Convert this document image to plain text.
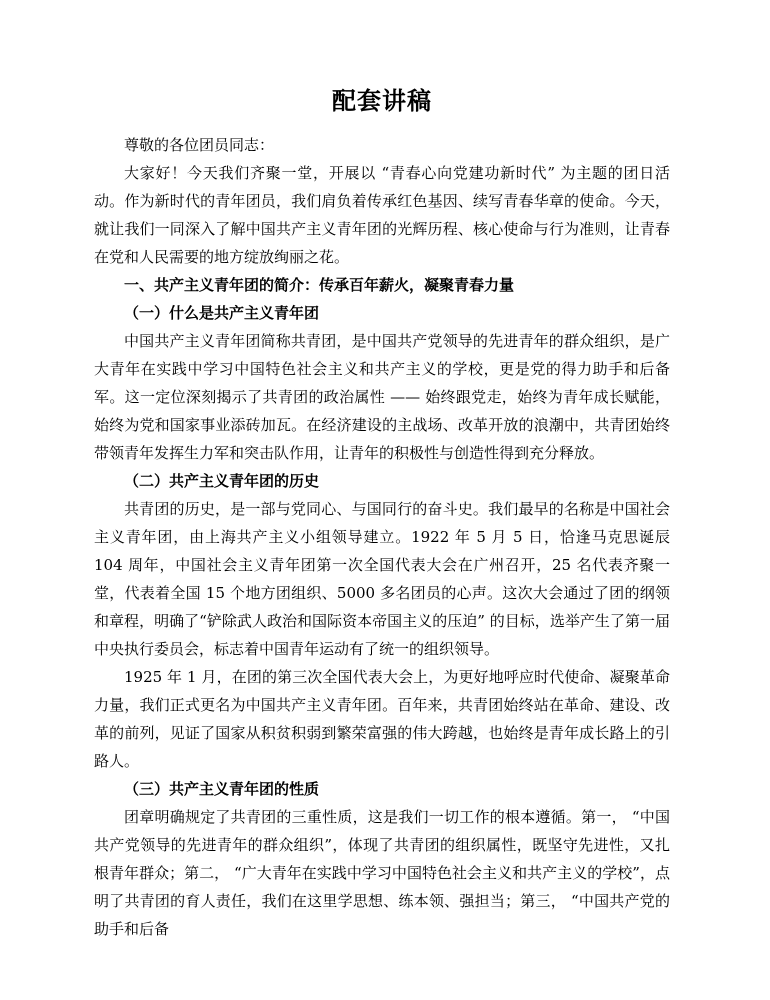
配套讲稿

尊敬的各位团员同志：

大家好！今天我们齐聚一堂，开展以 “青春心向党建功新时代” 为主题的团日活动。作为新时代的青年团员，我们肩负着传承红色基因、续写青春华章的使命。今天，就让我们一同深入了解中国共产主义青年团的光辉历程、核心使命与行为准则，让青春在党和人民需要的地方绽放绚丽之花。

一、共产主义青年团的简介：传承百年薪火，凝聚青春力量

（一）什么是共产主义青年团

中国共产主义青年团简称共青团，是中国共产党领导的先进青年的群众组织，是广大青年在实践中学习中国特色社会主义和共产主义的学校，更是党的得力助手和后备军。这一定位深刻揭示了共青团的政治属性 —— 始终跟党走，始终为青年成长赋能，始终为党和国家事业添砖加瓦。在经济建设的主战场、改革开放的浪潮中，共青团始终带领青年发挥生力军和突击队作用，让青年的积极性与创造性得到充分释放。

（二）共产主义青年团的历史

共青团的历史，是一部与党同心、与国同行的奋斗史。我们最早的名称是中国社会主义青年团，由上海共产主义小组领导建立。1922 年 5 月 5 日，恰逢马克思诞辰 104 周年，中国社会主义青年团第一次全国代表大会在广州召开，25 名代表齐聚一堂，代表着全国 15 个地方团组织、5000 多名团员的心声。这次大会通过了团的纲领和章程，明确了“铲除武人政治和国际资本帝国主义的压迫” 的目标，选举产生了第一届中央执行委员会，标志着中国青年运动有了统一的组织领导。

1925 年 1 月，在团的第三次全国代表大会上，为更好地呼应时代使命、凝聚革命力量，我们正式更名为中国共产主义青年团。百年来，共青团始终站在革命、建设、改革的前列，见证了国家从积贫积弱到繁荣富强的伟大跨越，也始终是青年成长路上的引路人。

（三）共产主义青年团的性质

团章明确规定了共青团的三重性质，这是我们一切工作的根本遵循。第一， “中国共产党领导的先进青年的群众组织”，体现了共青团的组织属性，既坚守先进性，又扎根青年群众；第二， “广大青年在实践中学习中国特色社会主义和共产主义的学校”，点明了共青团的育人责任，我们在这里学思想、练本领、强担当；第三， “中国共产党的助手和后备
